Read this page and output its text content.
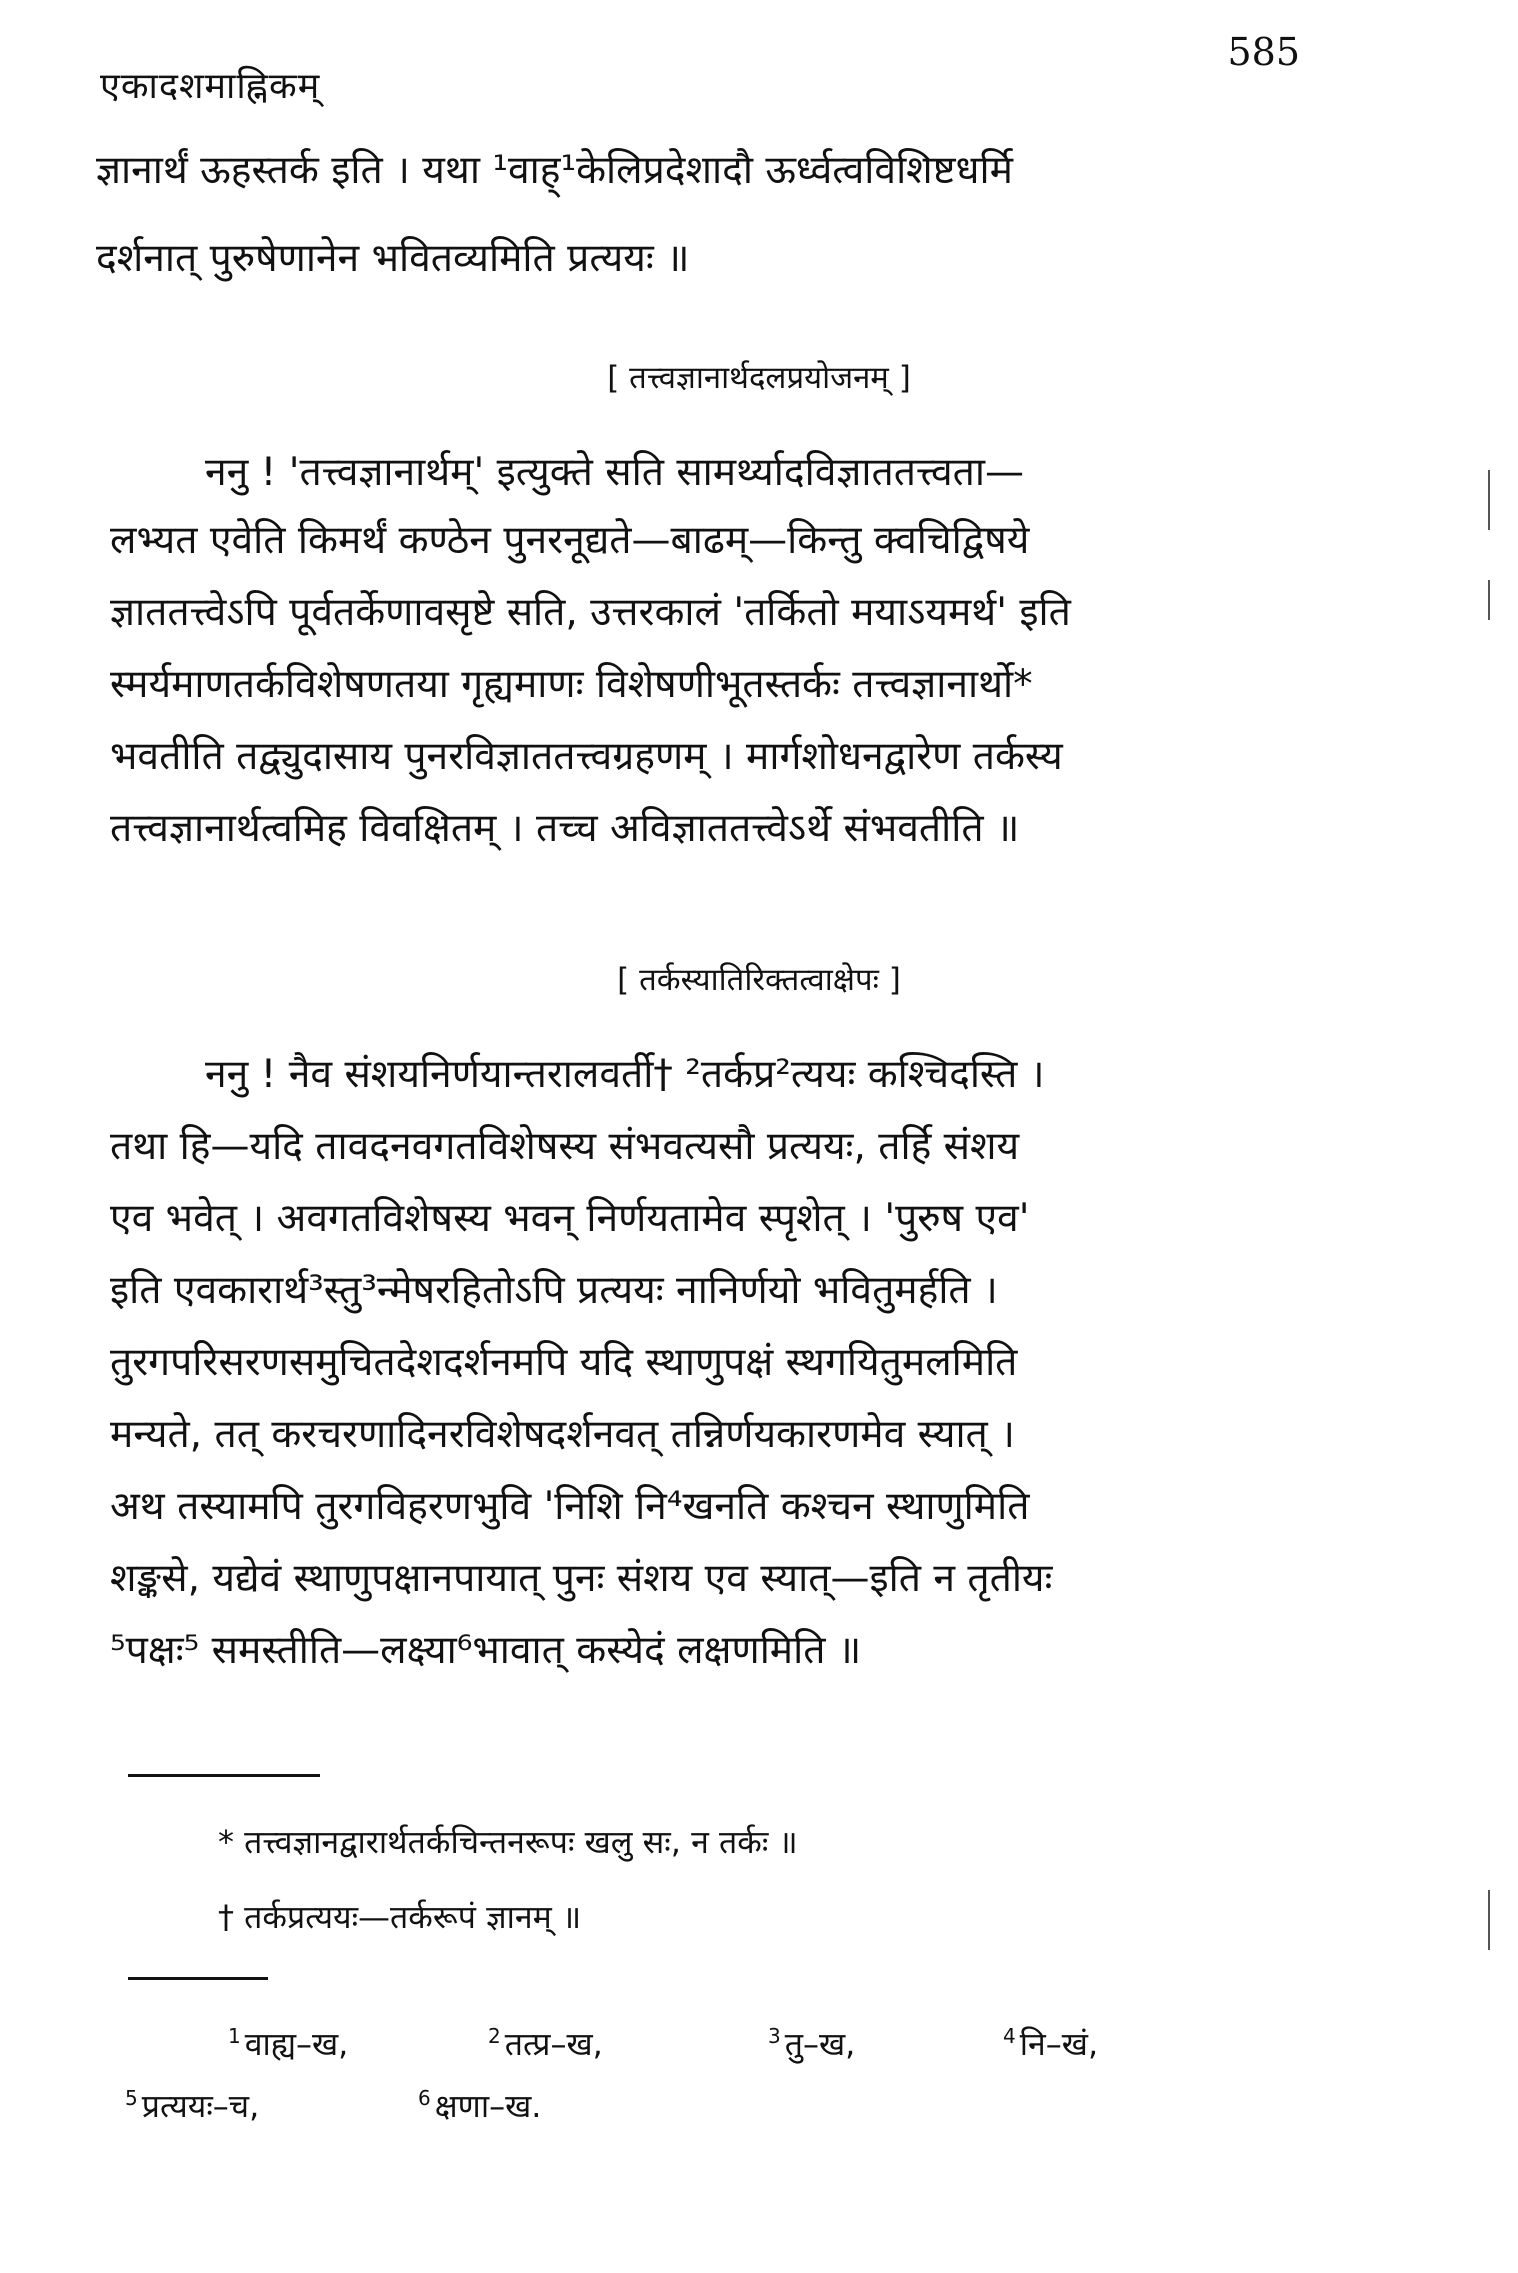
एकादशमाह्निकम्
585
ज्ञानार्थं ऊहस्तर्क इति । यथा ¹वाह्¹केलिप्रदेशादौ ऊर्ध्वत्वविशिष्टधर्मि
दर्शनात् पुरुषेणानेन भवितव्यमिति प्रत्ययः ॥
[ तत्त्वज्ञानार्थदलप्रयोजनम् ]
ननु ! 'तत्त्वज्ञानार्थम्' इत्युक्ते सति सामर्थ्यादविज्ञाततत्त्वता—
लभ्यत एवेति किमर्थं कण्ठेन पुनरनूद्यते—बाढम्—किन्तु क्वचिद्विषये
ज्ञाततत्त्वेऽपि पूर्वतर्केणावसृष्टे सति, उत्तरकालं 'तर्कितो मयाऽयमर्थ' इति
स्मर्यमाणतर्कविशेषणतया गृह्यमाणः विशेषणीभूतस्तर्कः तत्त्वज्ञानार्थो*
भवतीति तद्व्युदासाय पुनरविज्ञाततत्त्वग्रहणम् । मार्गशोधनद्वारेण तर्कस्य
तत्त्वज्ञानार्थत्वमिह विवक्षितम् । तच्च अविज्ञाततत्त्वेऽर्थे संभवतीति ॥
[ तर्कस्यातिरिक्तत्वाक्षेपः ]
ननु ! नैव संशयनिर्णयान्तरालवर्ती† ²तर्कप्र²त्ययः कश्चिदस्ति ।
तथा हि—यदि तावदनवगतविशेषस्य संभवत्यसौ प्रत्ययः, तर्हि संशय
एव भवेत् । अवगतविशेषस्य भवन् निर्णयतामेव स्पृशेत् । 'पुरुष एव'
इति एवकारार्थ³स्तु³न्मेषरहितोऽपि प्रत्ययः नानिर्णयो भवितुमर्हति ।
तुरगपरिसरणसमुचितदेशदर्शनमपि यदि स्थाणुपक्षं स्थगयितुमलमिति
मन्यते, तत् करचरणादिनरविशेषदर्शनवत् तन्निर्णयकारणमेव स्यात् ।
अथ तस्यामपि तुरगविहरणभुवि 'निशि नि⁴खनति कश्चन स्थाणुमिति
शङ्कसे, यद्येवं स्थाणुपक्षानपायात् पुनः संशय एव स्यात्—इति न तृतीयः
⁵पक्षः⁵ समस्तीति—लक्ष्या⁶भावात् कस्येदं लक्षणमिति ॥
* तत्त्वज्ञानद्वारार्थतर्कचिन्तनरूपः खलु सः, न तर्कः ॥
† तर्कप्रत्ययः—तर्करूपं ज्ञानम् ॥
$^1$ वाह्य–ख,	$^2$ तत्प्र–ख,	$^3$ तु–ख,	$^4$ नि–खं,
$^5$ प्रत्ययः–च,	$^6$ क्षणा–ख.
